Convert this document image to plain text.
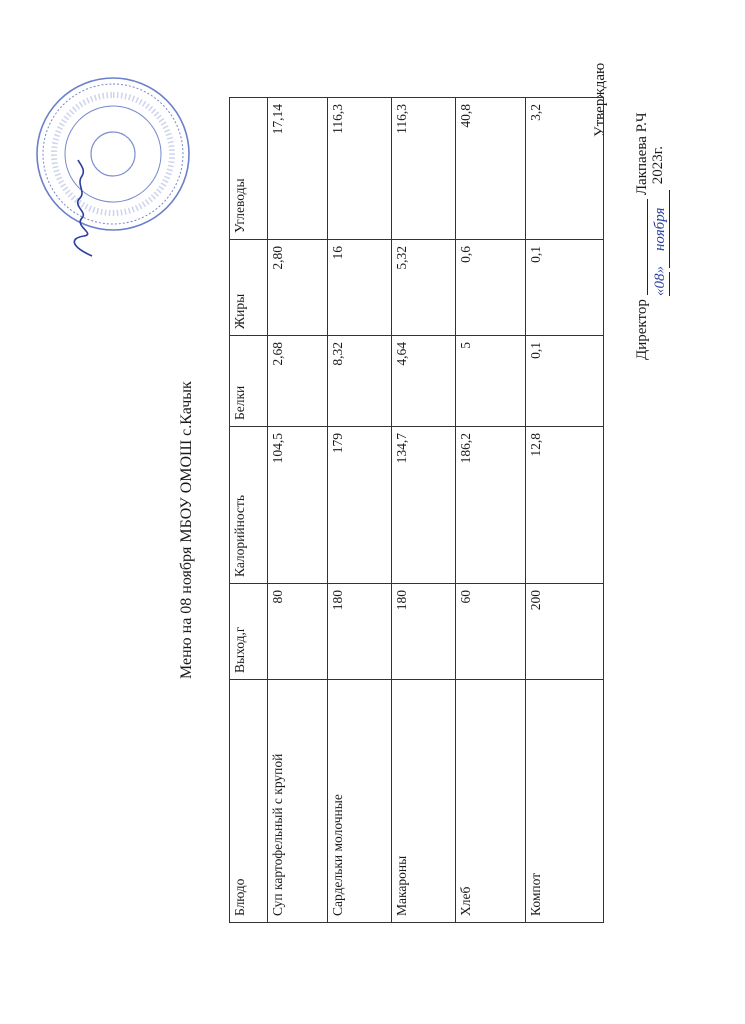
Утверждаю
ДиректорЛакпаева Р.Ч
«08» ноября2023г.
Меню на 08 ноября МБОУ ОМОШ с.Качык
Блюдо	Выход,г	Калорийность	Белки	Жиры	Углеводы
Суп картофельный с крупой	80	104,5	2,68	2,80	17,14
Сардельки молочные	180	179	8,32	16	116,3
Макароны	180	134,7	4,64	5,32	116,3
Хлеб	60	186,2	5	0,6	40,8
Компот	200	12,8	0,1	0,1	3,2
